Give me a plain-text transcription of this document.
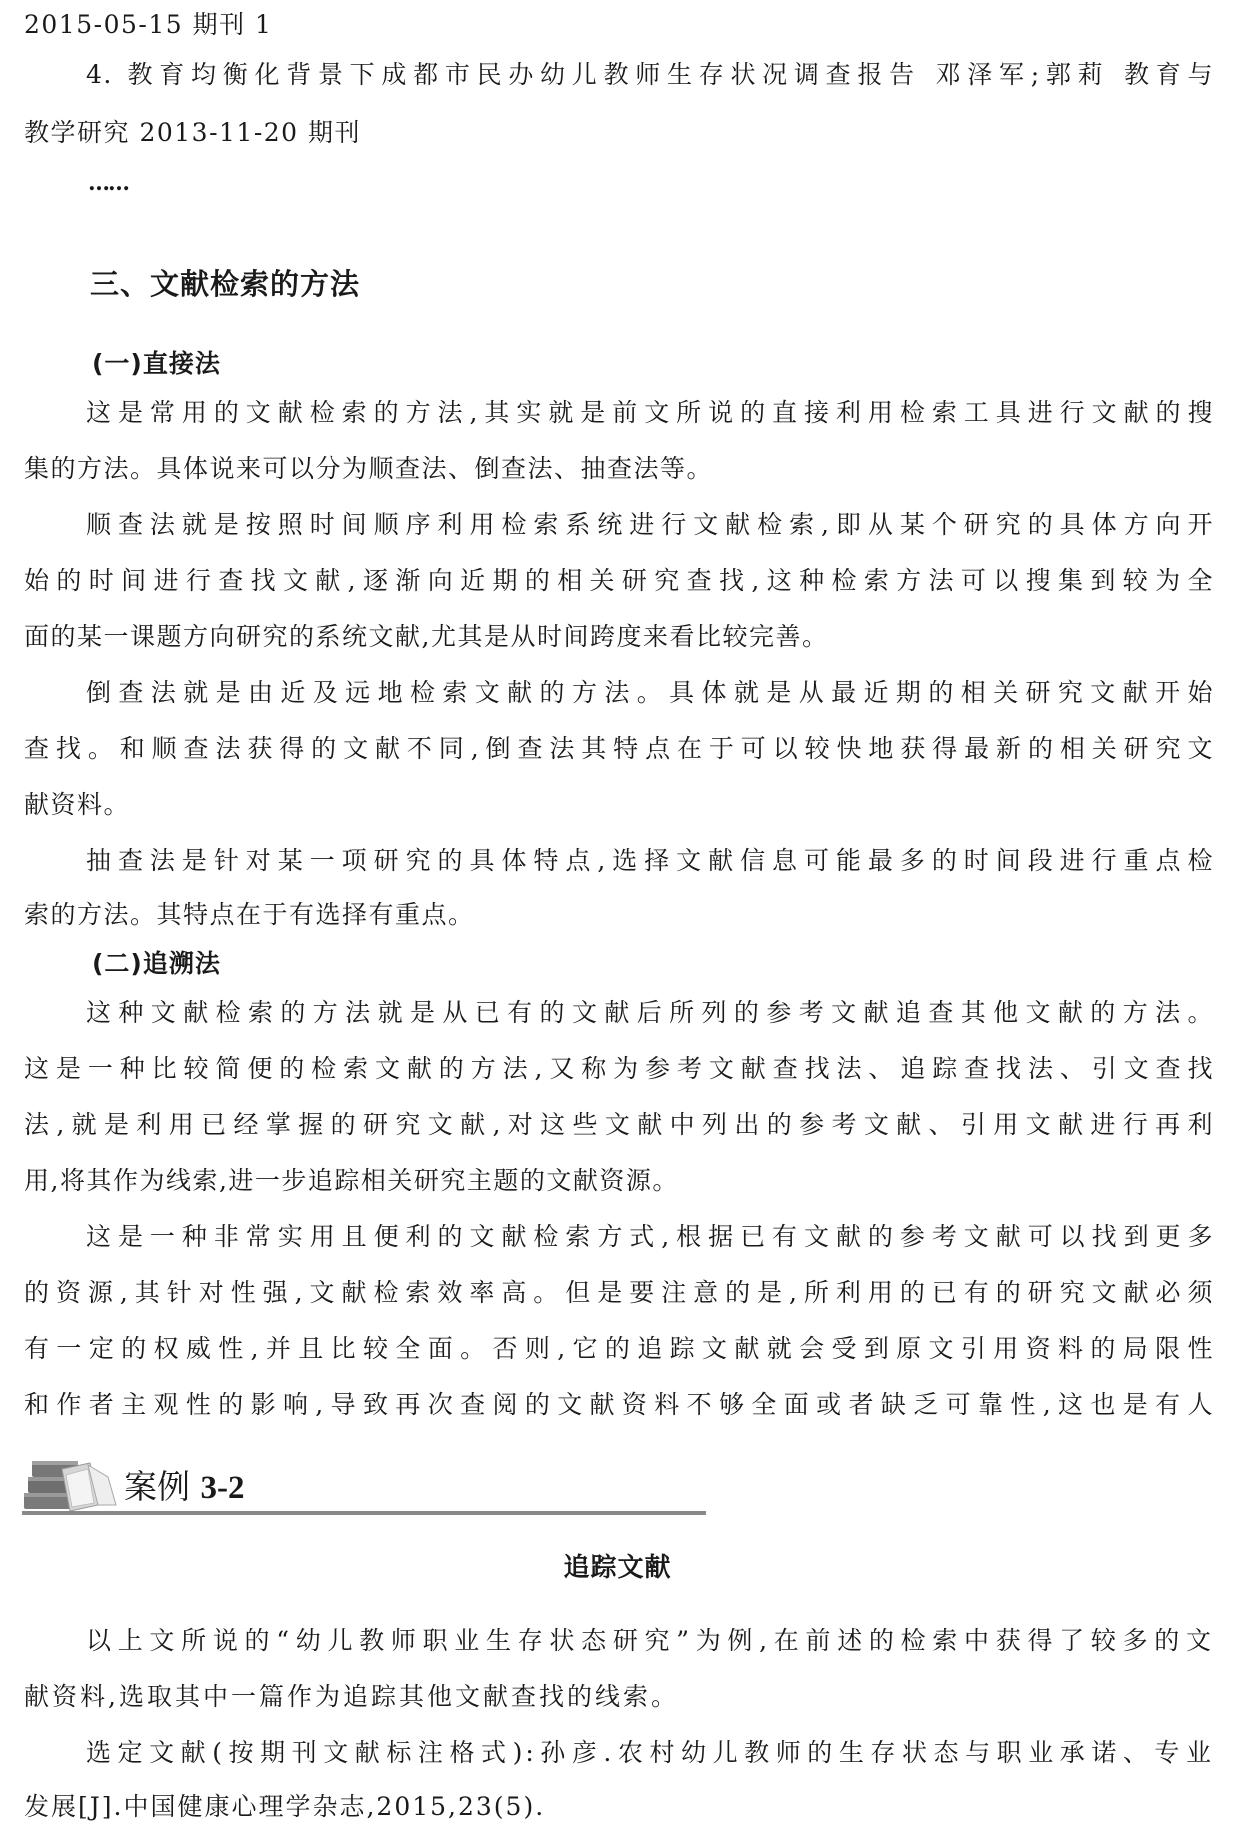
2015-05-15 期刊 1
4. 教育均衡化背景下成都市民办幼儿教师生存状况调查报告 邓泽军;郭莉 教育与
教学研究 2013-11-20 期刊
……
三、文献检索的方法
(一)直接法
这是常用的文献检索的方法,其实就是前文所说的直接利用检索工具进行文献的搜
集的方法。具体说来可以分为顺查法、倒查法、抽查法等。
顺查法就是按照时间顺序利用检索系统进行文献检索,即从某个研究的具体方向开
始的时间进行查找文献,逐渐向近期的相关研究查找,这种检索方法可以搜集到较为全
面的某一课题方向研究的系统文献,尤其是从时间跨度来看比较完善。
倒查法就是由近及远地检索文献的方法。具体就是从最近期的相关研究文献开始
查找。和顺查法获得的文献不同,倒查法其特点在于可以较快地获得最新的相关研究文
献资料。
抽查法是针对某一项研究的具体特点,选择文献信息可能最多的时间段进行重点检
索的方法。其特点在于有选择有重点。
(二)追溯法
这种文献检索的方法就是从已有的文献后所列的参考文献追查其他文献的方法。
这是一种比较简便的检索文献的方法,又称为参考文献查找法、追踪查找法、引文查找
法,就是利用已经掌握的研究文献,对这些文献中列出的参考文献、引用文献进行再利
用,将其作为线索,进一步追踪相关研究主题的文献资源。
这是一种非常实用且便利的文献检索方式,根据已有文献的参考文献可以找到更多
的资源,其针对性强,文献检索效率高。但是要注意的是,所利用的已有的研究文献必须
有一定的权威性,并且比较全面。否则,它的追踪文献就会受到原文引用资料的局限性
和作者主观性的影响,导致再次查阅的文献资料不够全面或者缺乏可靠性,这也是有人
案例 3-2
追踪文献
以上文所说的“幼儿教师职业生存状态研究”为例,在前述的检索中获得了较多的文
献资料,选取其中一篇作为追踪其他文献查找的线索。
选定文献(按期刊文献标注格式):孙彦.农村幼儿教师的生存状态与职业承诺、专业
发展[J].中国健康心理学杂志,2015,23(5).
